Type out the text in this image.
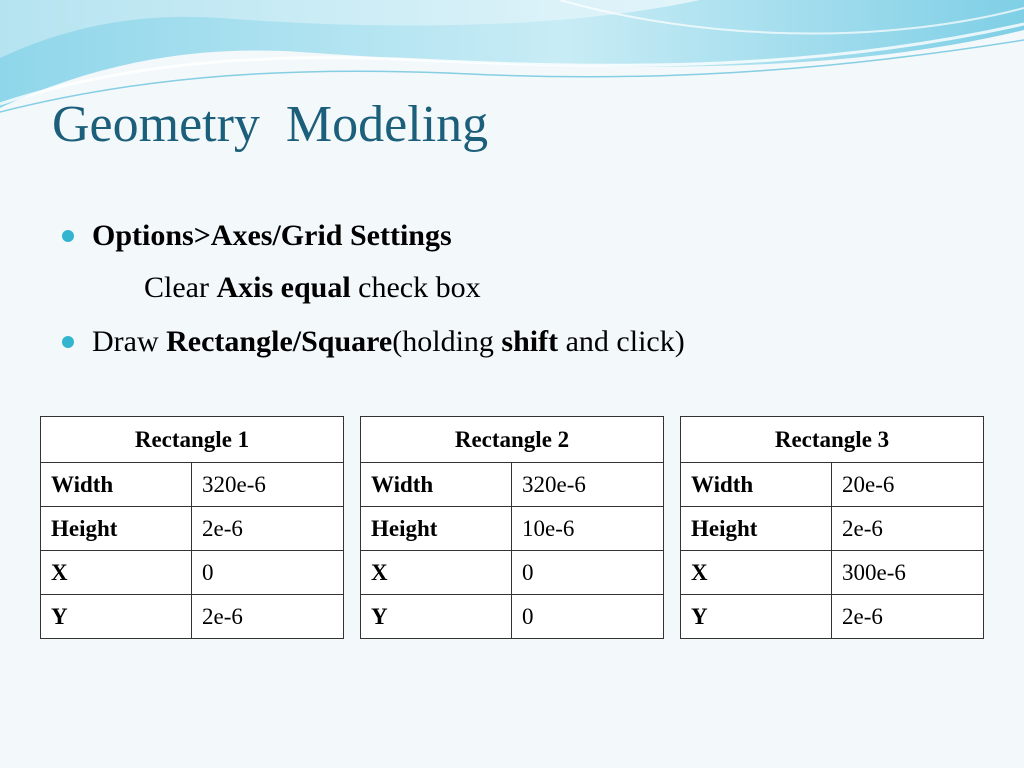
Geometry  Modeling
Options>Axes/Grid Settings
Clear Axis equal check box
Draw Rectangle/Square(holding shift and click)
Rectangle 1	
Width	320e-6
Height	2e-6
X	0
Y	2e-6
Rectangle 2	
Width	320e-6
Height	10e-6
X	0
Y	0
Rectangle 3	
Width	20e-6
Height	2e-6
X	300e-6
Y	2e-6
